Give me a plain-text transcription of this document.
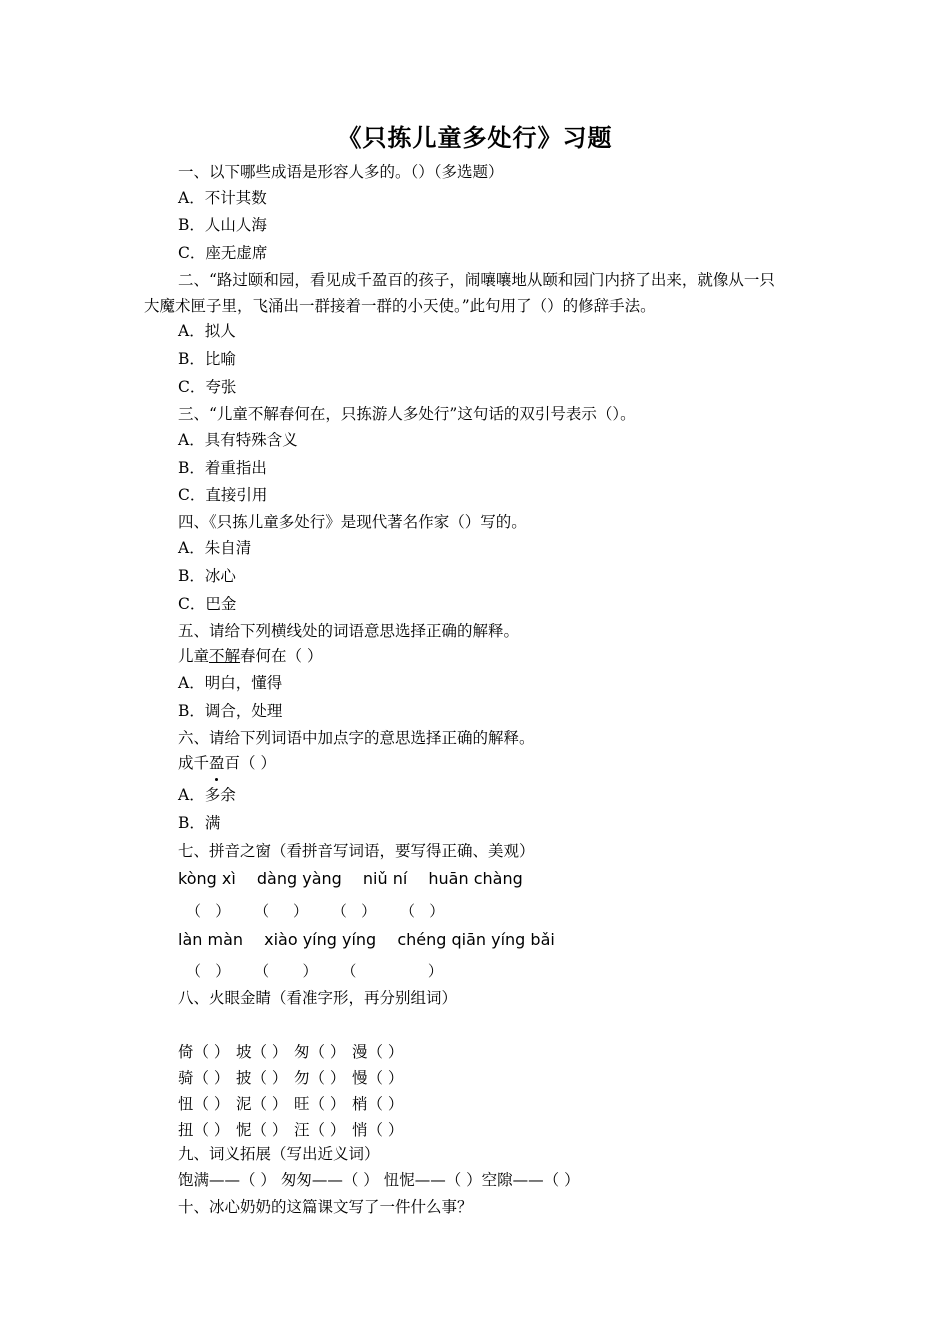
《只拣儿童多处行》习题
一、以下哪些成语是形容人多的。（）（多选题）
A．不计其数
B．人山人海
C．座无虚席
二、“路过颐和园，看见成千盈百的孩子，闹嚷嚷地从颐和园门内挤了出来，就像从一只
大魔术匣子里，飞涌出一群接着一群的小天使。”此句用了（）的修辞手法。
A．拟人
B．比喻
C．夸张
三、“儿童不解春何在，只拣游人多处行”这句话的双引号表示（）。
A．具有特殊含义
B．着重指出
C．直接引用
四、《只拣儿童多处行》是现代著名作家（）写的。
A．朱自清
B．冰心
C．巴金
五、请给下列横线处的词语意思选择正确的解释。
儿童不解春何在（ ）
A．明白，懂得
B．调合，处理
六、请给下列词语中加点字的意思选择正确的解释。
成千盈百（ ）
A．多余
B．满
七、拼音之窗（看拼音写词语，要写得正确、美观）
kòng xì dàng yàng niǔ ní huān chàng
（   ）     （     ）     （   ）     （   ）
làn màn xiào yíng yíng chéng qiān yíng bǎi
（   ）     （       ）     （               ）
八、火眼金睛（看准字形，再分别组词）
倚（ ） 坡（ ） 匆（ ） 漫（ ）
骑（ ） 披（ ） 勿（ ） 慢（ ）
忸（ ） 泥（ ） 旺（ ） 梢（ ）
扭（ ） 怩（ ） 汪（ ） 悄（ ）
九、词义拓展（写出近义词）
饱满——（ ） 匆匆——（ ） 忸怩——（ ）空隙——（ ）
十、冰心奶奶的这篇课文写了一件什么事？
